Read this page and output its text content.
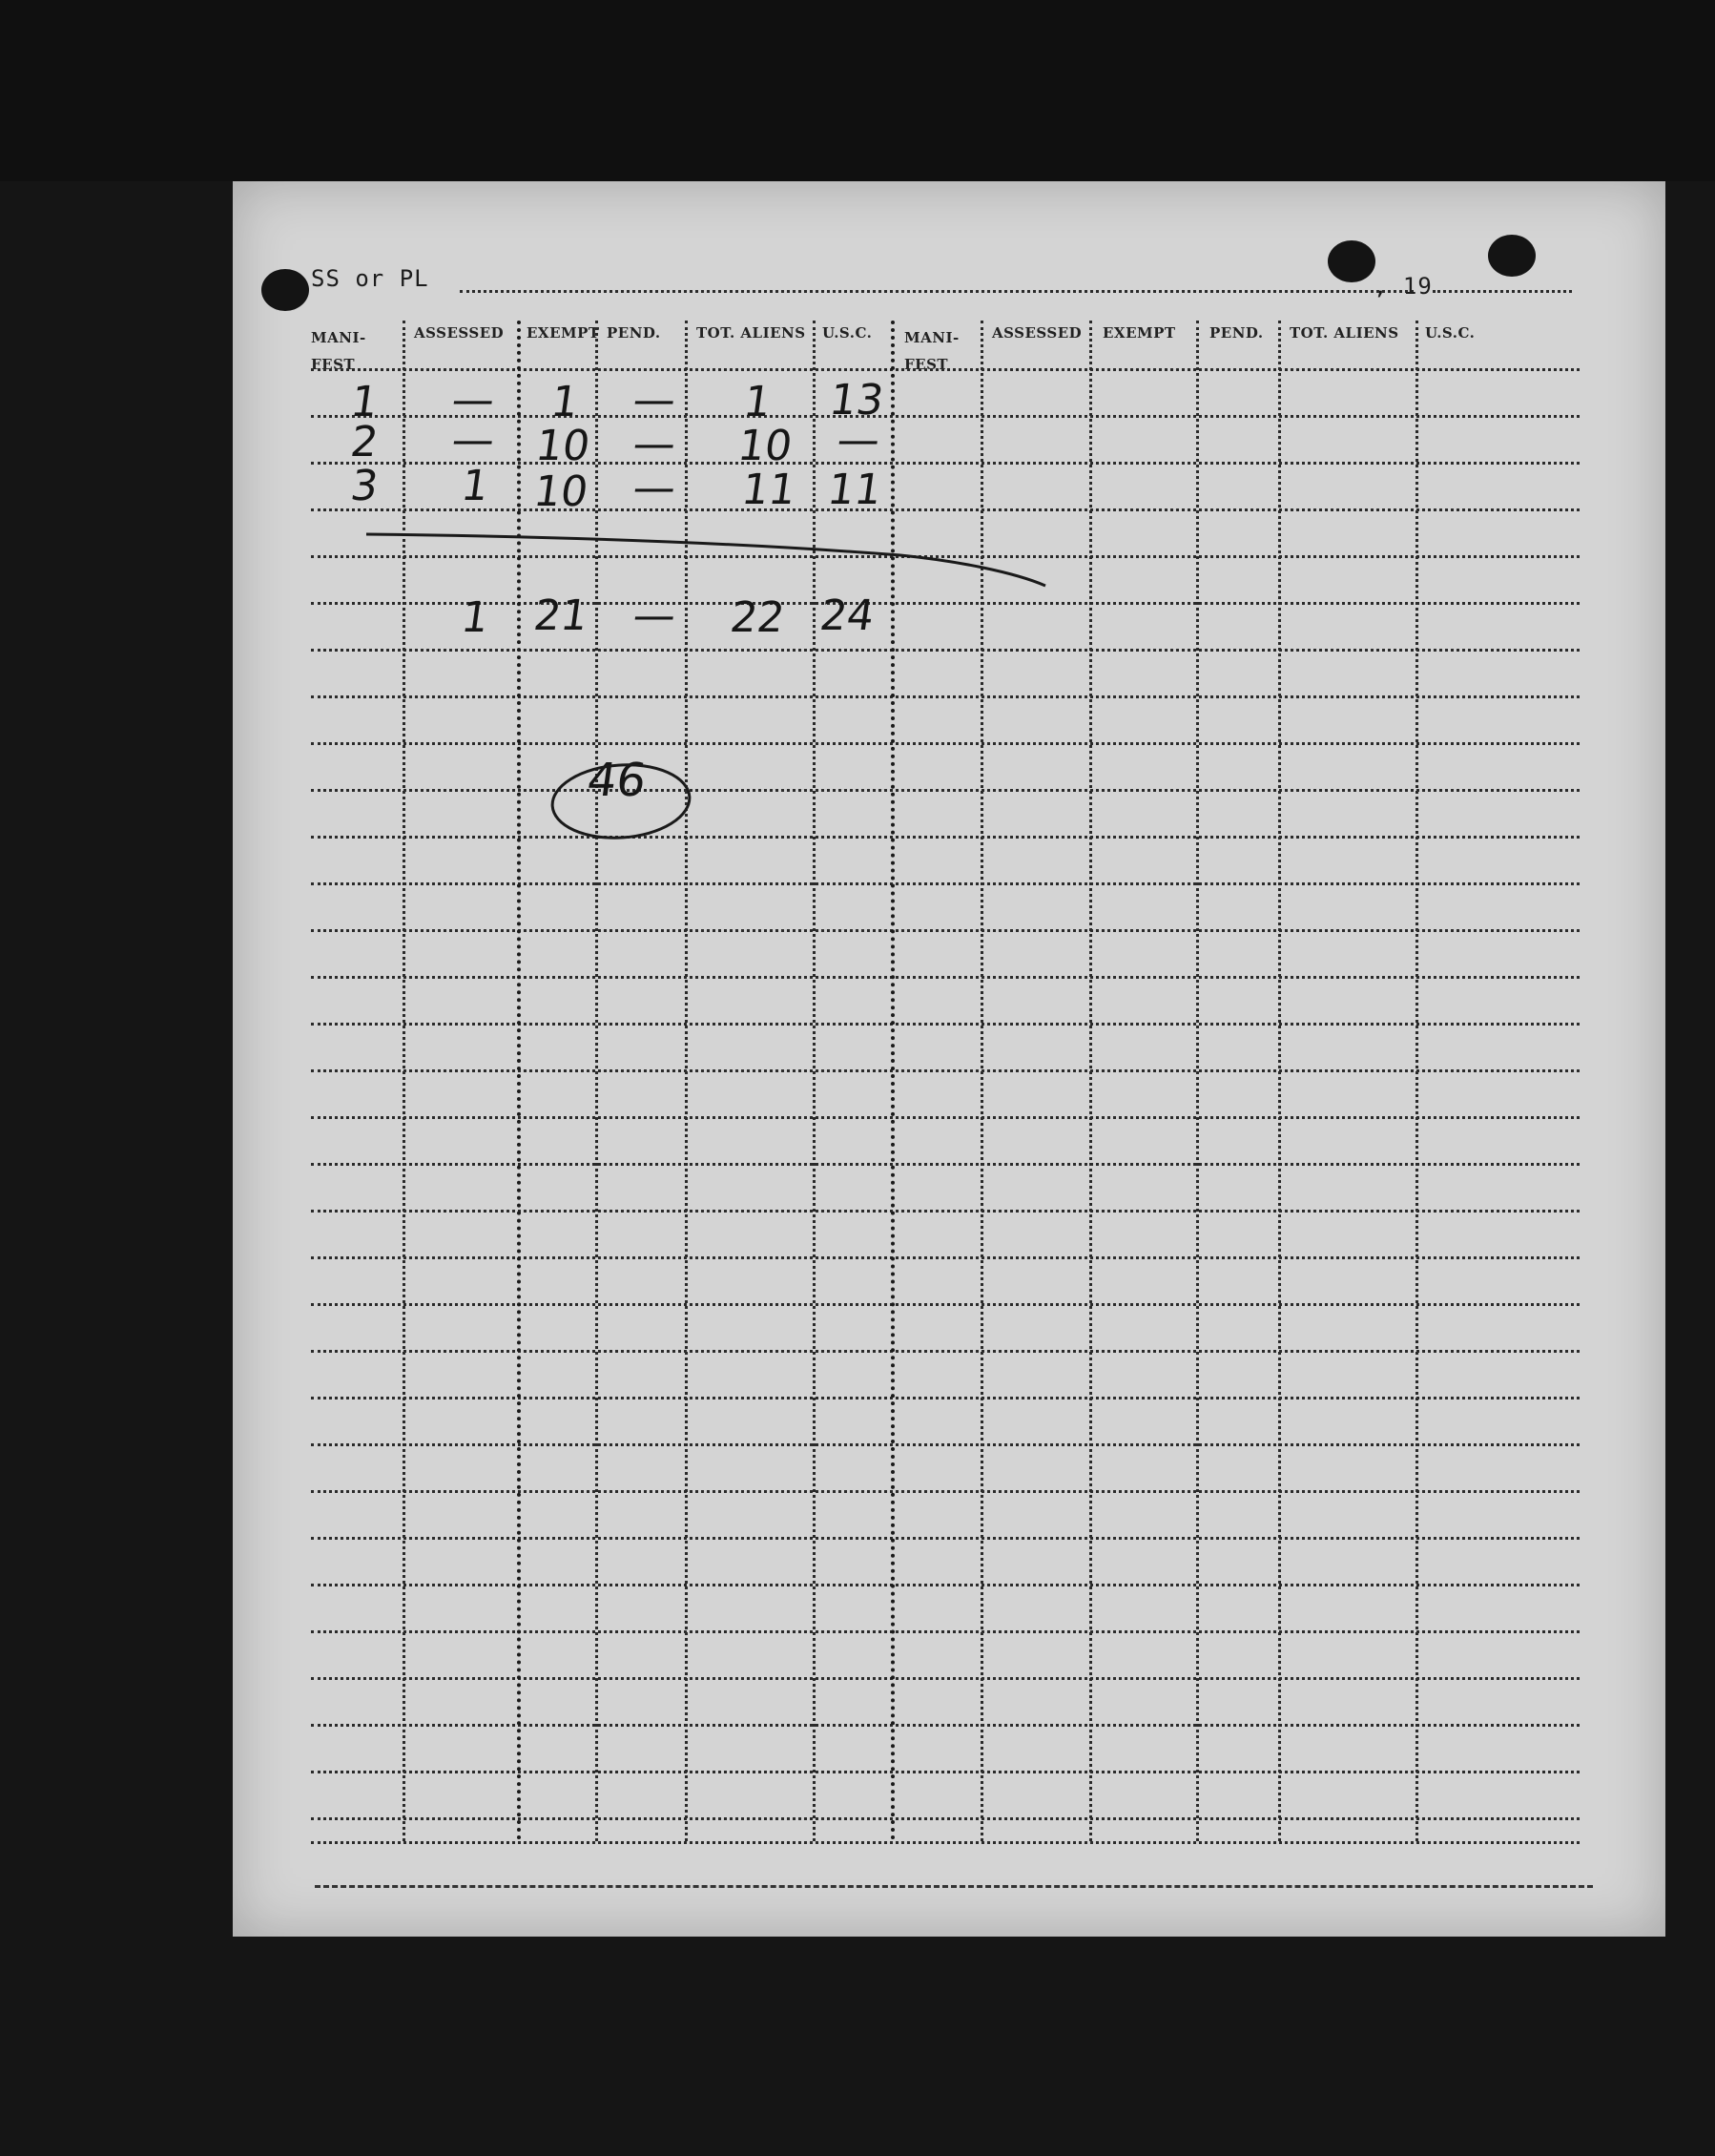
SS or PL	, 19
MANI-
FEST
ASSESSED EXEMPT PEND. TOT. ALIENS U.S.C. MANI-
FEST
ASSESSED EXEMPT PEND. TOT. ALIENS U.S.C.
1 — 1 — 1 13
2 — 10 — 10 —
3 1 10 — 11 11
1 21 — 22 24
46
